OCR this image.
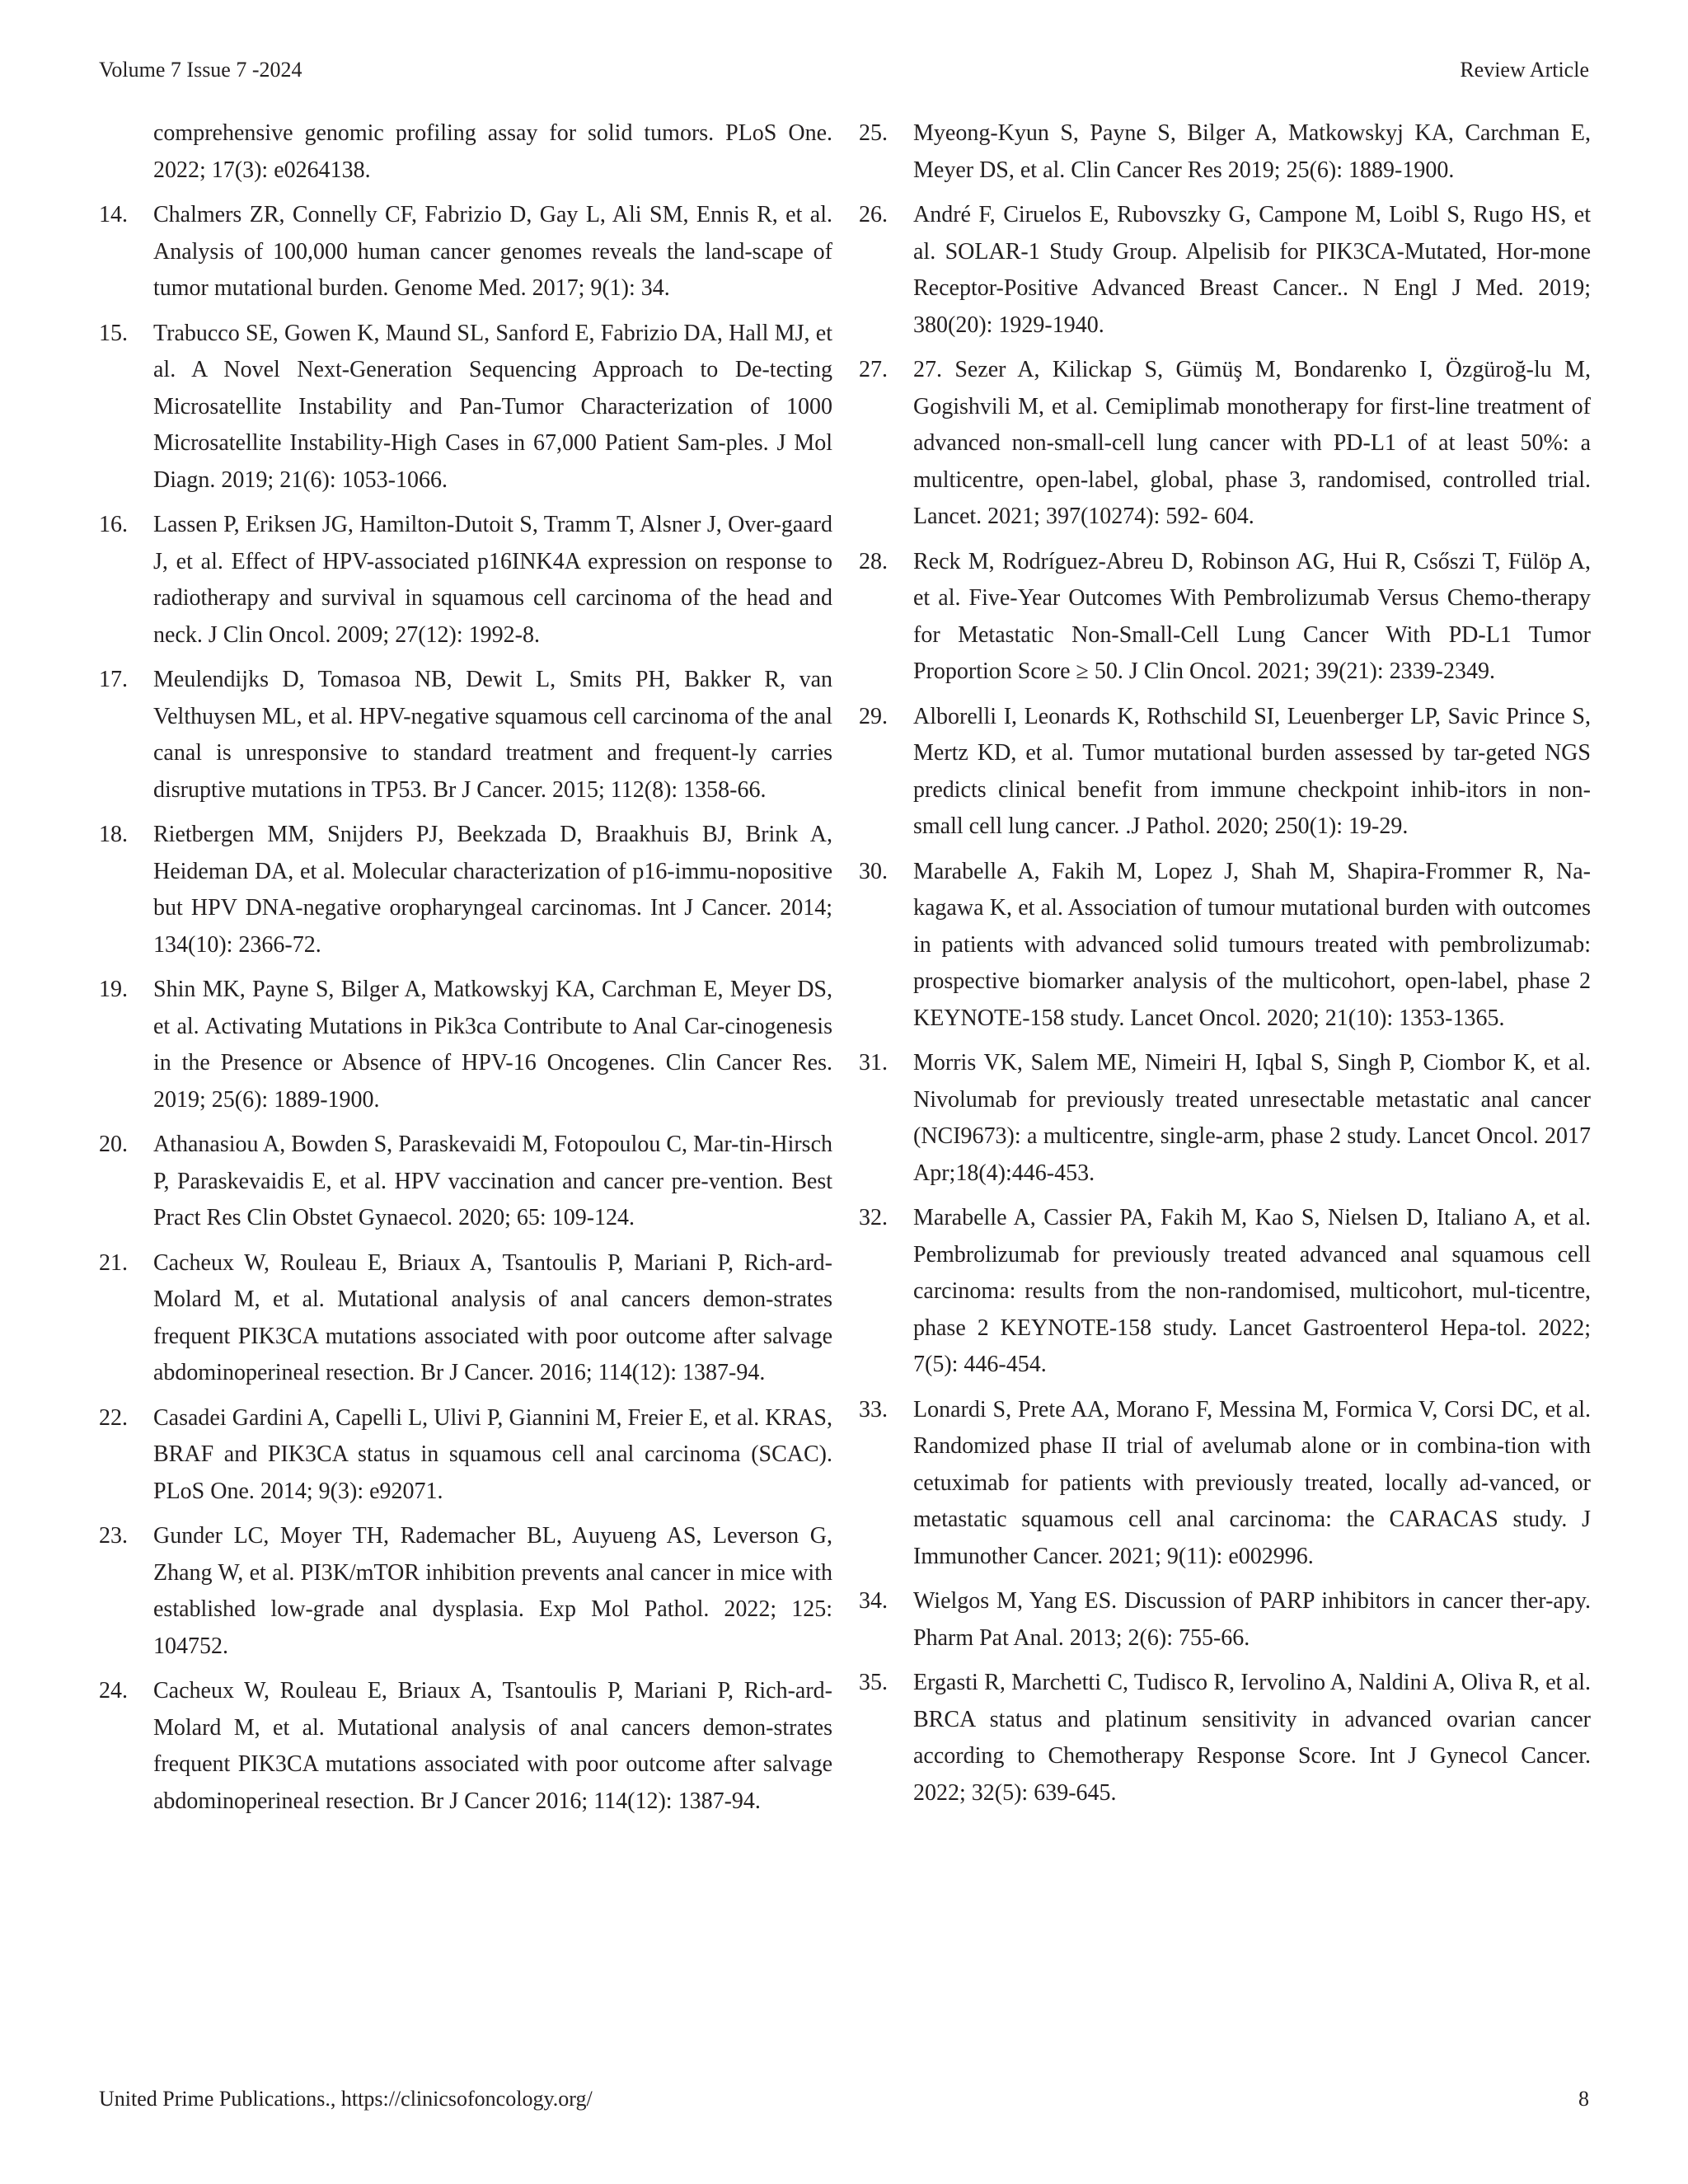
Volume 7 Issue 7 -2024	Review Article
comprehensive genomic profiling assay for solid tumors. PLoS One. 2022; 17(3): e0264138.
14.	Chalmers ZR, Connelly CF, Fabrizio D, Gay L, Ali SM, Ennis R, et al. Analysis of 100,000 human cancer genomes reveals the land-scape of tumor mutational burden. Genome Med. 2017; 9(1): 34.
15.	Trabucco SE, Gowen K, Maund SL, Sanford E, Fabrizio DA, Hall MJ, et al. A Novel Next-Generation Sequencing Approach to De-tecting Microsatellite Instability and Pan-Tumor Characterization of 1000 Microsatellite Instability-High Cases in 67,000 Patient Sam-ples. J Mol Diagn. 2019; 21(6): 1053-1066.
16.	Lassen P, Eriksen JG, Hamilton-Dutoit S, Tramm T, Alsner J, Over-gaard J, et al. Effect of HPV-associated p16INK4A expression on response to radiotherapy and survival in squamous cell carcinoma of the head and neck. J Clin Oncol. 2009; 27(12): 1992-8.
17.	Meulendijks D, Tomasoa NB, Dewit L, Smits PH, Bakker R, van Velthuysen ML, et al. HPV-negative squamous cell carcinoma of the anal canal is unresponsive to standard treatment and frequent-ly carries disruptive mutations in TP53. Br J Cancer. 2015; 112(8): 1358-66.
18.	Rietbergen MM, Snijders PJ, Beekzada D, Braakhuis BJ, Brink A, Heideman DA, et al. Molecular characterization of p16-immu-nopositive but HPV DNA-negative oropharyngeal carcinomas. Int J Cancer. 2014; 134(10): 2366-72.
19.	Shin MK, Payne S, Bilger A, Matkowskyj KA, Carchman E, Meyer DS, et al. Activating Mutations in Pik3ca Contribute to Anal Car-cinogenesis in the Presence or Absence of HPV-16 Oncogenes. Clin Cancer Res. 2019; 25(6): 1889-1900.
20.	Athanasiou A, Bowden S, Paraskevaidi M, Fotopoulou C, Mar-tin-Hirsch P, Paraskevaidis E, et al. HPV vaccination and cancer pre-vention. Best Pract Res Clin Obstet Gynaecol. 2020; 65: 109-124.
21.	Cacheux W, Rouleau E, Briaux A, Tsantoulis P, Mariani P, Rich-ard-Molard M, et al. Mutational analysis of anal cancers demon-strates frequent PIK3CA mutations associated with poor outcome after salvage abdominoperineal resection. Br J Cancer. 2016; 114(12): 1387-94.
22.	Casadei Gardini A, Capelli L, Ulivi P, Giannini M, Freier E, et al. KRAS, BRAF and PIK3CA status in squamous cell anal carcinoma (SCAC). PLoS One. 2014; 9(3): e92071.
23.	Gunder LC, Moyer TH, Rademacher BL, Auyueng AS, Leverson G, Zhang W, et al. PI3K/mTOR inhibition prevents anal cancer in mice with established low-grade anal dysplasia. Exp Mol Pathol. 2022; 125: 104752.
24.	Cacheux W, Rouleau E, Briaux A, Tsantoulis P, Mariani P, Rich-ard-Molard M, et al. Mutational analysis of anal cancers demon-strates frequent PIK3CA mutations associated with poor outcome after salvage abdominoperineal resection. Br J Cancer 2016; 114(12): 1387-94.
25.	Myeong-Kyun S, Payne S, Bilger A, Matkowskyj KA, Carchman E, Meyer DS, et al. Clin Cancer Res 2019; 25(6): 1889-1900.
26.	André F, Ciruelos E, Rubovszky G, Campone M, Loibl S, Rugo HS, et al. SOLAR-1 Study Group. Alpelisib for PIK3CA-Mutated, Hor-mone Receptor-Positive Advanced Breast Cancer.. N Engl J Med. 2019; 380(20): 1929-1940.
27.	27. Sezer A, Kilickap S, Gümüş M, Bondarenko I, Özgüroğ-lu M, Gogishvili M, et al. Cemiplimab monotherapy for first-line treatment of advanced non-small-cell lung cancer with PD-L1 of at least 50%: a multicentre, open-label, global, phase 3, randomised, controlled trial. Lancet. 2021; 397(10274): 592- 604.
28.	Reck M, Rodríguez-Abreu D, Robinson AG, Hui R, Csőszi T, Fülöp A, et al. Five-Year Outcomes With Pembrolizumab Versus Chemo-therapy for Metastatic Non-Small-Cell Lung Cancer With PD-L1 Tumor Proportion Score ≥ 50. J Clin Oncol. 2021; 39(21): 2339-2349.
29.	Alborelli I, Leonards K, Rothschild SI, Leuenberger LP, Savic Prince S, Mertz KD, et al. Tumor mutational burden assessed by tar-geted NGS predicts clinical benefit from immune checkpoint inhib-itors in non-small cell lung cancer. .J Pathol. 2020; 250(1): 19-29.
30.	Marabelle A, Fakih M, Lopez J, Shah M, Shapira-Frommer R, Na-kagawa K, et al. Association of tumour mutational burden with outcomes in patients with advanced solid tumours treated with pembrolizumab: prospective biomarker analysis of the multicohort, open-label, phase 2 KEYNOTE-158 study. Lancet Oncol. 2020; 21(10): 1353-1365.
31.	Morris VK, Salem ME, Nimeiri H, Iqbal S, Singh P, Ciombor K, et al. Nivolumab for previously treated unresectable metastatic anal cancer (NCI9673): a multicentre, single-arm, phase 2 study. Lancet Oncol. 2017 Apr;18(4):446-453.
32.	Marabelle A, Cassier PA, Fakih M, Kao S, Nielsen D, Italiano A, et al. Pembrolizumab for previously treated advanced anal squamous cell carcinoma: results from the non-randomised, multicohort, mul-ticentre, phase 2 KEYNOTE-158 study. Lancet Gastroenterol Hepa-tol. 2022; 7(5): 446-454.
33.	Lonardi S, Prete AA, Morano F, Messina M, Formica V, Corsi DC, et al. Randomized phase II trial of avelumab alone or in combina-tion with cetuximab for patients with previously treated, locally ad-vanced, or metastatic squamous cell anal carcinoma: the CARACAS study. J Immunother Cancer. 2021; 9(11): e002996.
34.	Wielgos M, Yang ES. Discussion of PARP inhibitors in cancer ther-apy. Pharm Pat Anal. 2013; 2(6): 755-66.
35.	Ergasti R, Marchetti C, Tudisco R, Iervolino A, Naldini A, Oliva R, et al. BRCA status and platinum sensitivity in advanced ovarian cancer according to Chemotherapy Response Score. Int J Gynecol Cancer. 2022; 32(5): 639-645.
United Prime Publications., https://clinicsofoncology.org/	8
